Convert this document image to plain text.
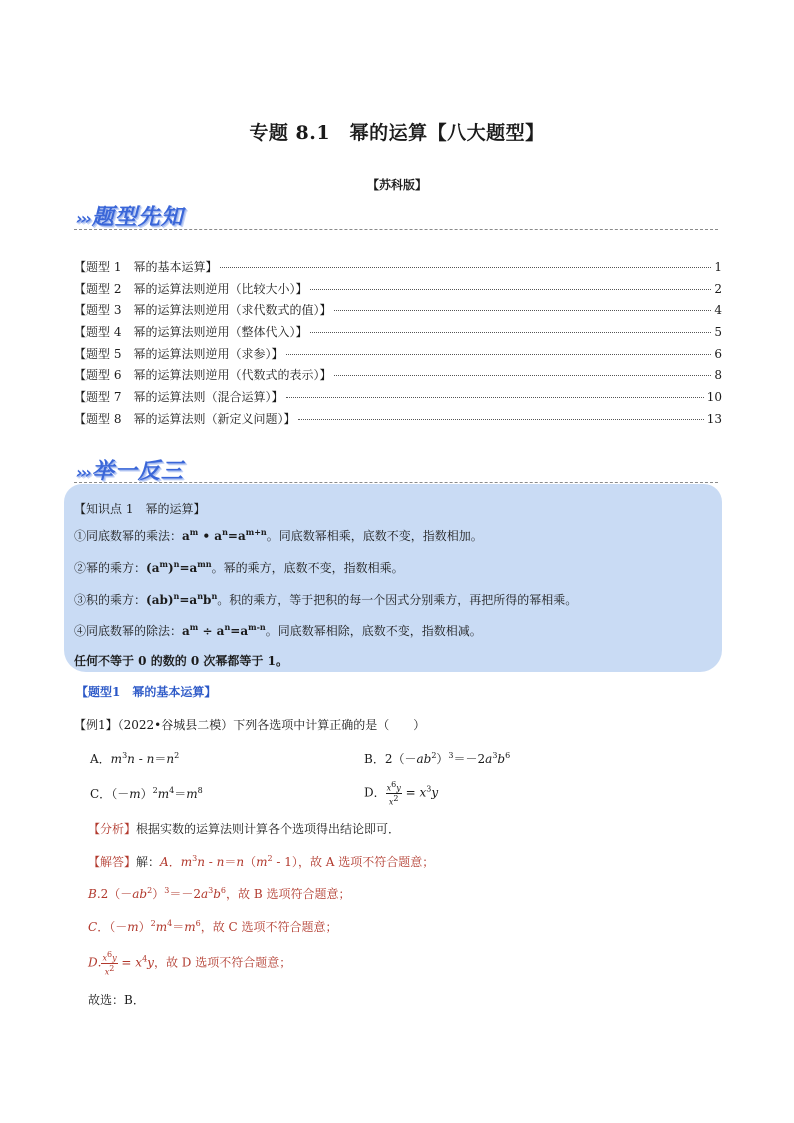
专题 8.1　幂的运算【八大题型】
【苏科版】
›››题型先知
【题型 1　幂的基本运算】	1
【题型 2　幂的运算法则逆用（比较大小）】	2
【题型 3　幂的运算法则逆用（求代数式的值）】	4
【题型 4　幂的运算法则逆用（整体代入）】	5
【题型 5　幂的运算法则逆用（求参）】	6
【题型 6　幂的运算法则逆用（代数式的表示）】	8
【题型 7　幂的运算法则（混合运算）】	10
【题型 8　幂的运算法则（新定义问题）】	13
›››举一反三
【知识点 1　幂的运算】
①同底数幂的乘法：$a^m$ • $a^n=a^{m+n}$。同底数幂相乘，底数不变，指数相加。
②幂的乘方：$(a^m)^n=a^{mn}$。幂的乘方，底数不变，指数相乘。
③积的乘方：$(ab)^n=a^nb^n$。积的乘方，等于把积的每一个因式分别乘方，再把所得的幂相乘。
④同底数幂的除法：$a^m \div a^n=a^{m-n}$。同底数幂相除，底数不变，指数相减。
任何不等于 0 的数的 0 次幂都等于 1。
【题型1　幂的基本运算】
【例1】（2022•谷城县二模）下列各选项中计算正确的是（　　）
A．$m^3n - n=n^2$	B．$2(-ab^2)^3=-2a^3b^6$
C．$(-m)^2m^4=m^8$	D． $\frac{x^6y}{x^2} = x^3y$
【分析】根据实数的运算法则计算各个选项得出结论即可．
【解答】解：A．$m^3n - n=n(m^2 - 1)$，故 A 选项不符合题意；
$B.2(-ab^2)^3=-2a^3b^6$，故 B 选项符合题意；
C．$(-m)^2m^4=m^6$，故 C 选项不符合题意；
D. $\frac{x^6y}{x^2} = x^4y$，故 D 选项不符合题意；
故选：B．
